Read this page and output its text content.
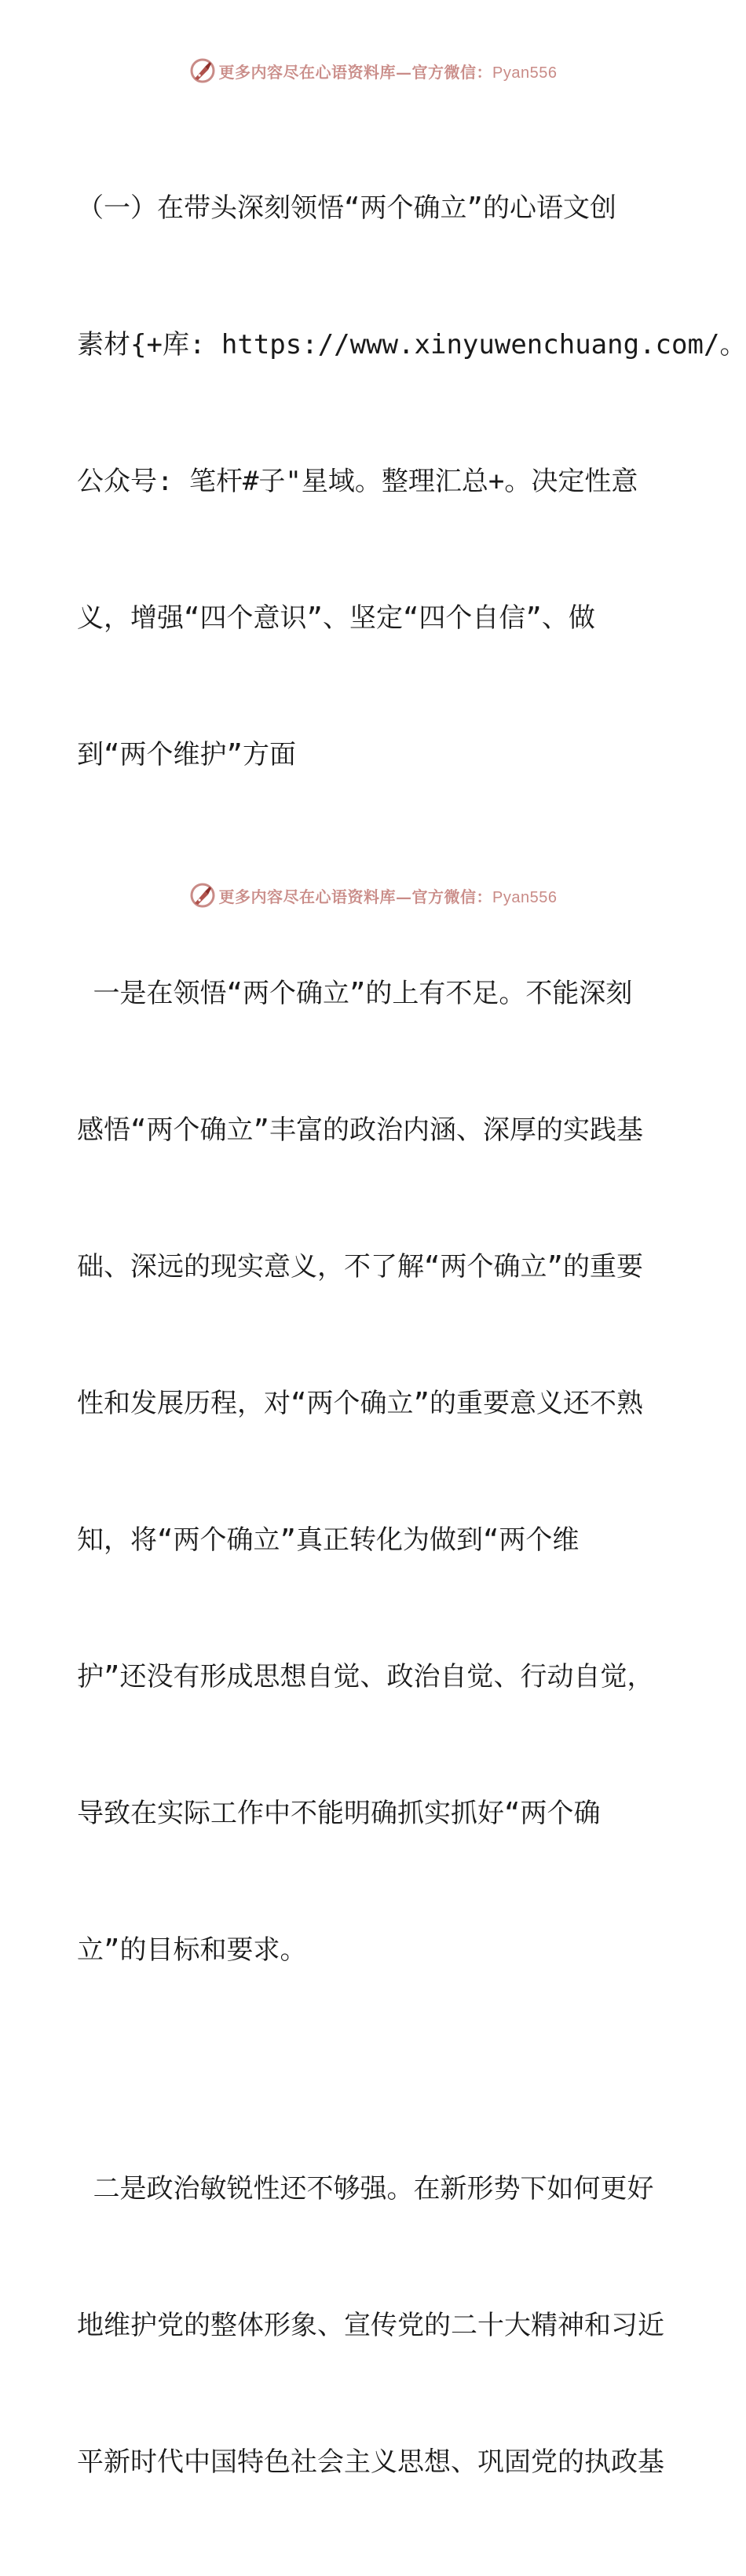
更多内容尽在心语资料库—官方微信：Pyan556

（一）在带头深刻领悟“两个确立”的心语文创

素材{+库: https://www.xinyuwenchuang.com/。

公众号: 笔杆#子"星域。整理汇总+。决定性意

义，增强“四个意识”、坚定“四个自信”、做

到“两个维护”方面

一是在领悟“两个确立”的上有不足。不能深刻

感悟“两个确立”丰富的政治内涵、深厚的实践基

础、深远的现实意义，不了解“两个确立”的重要

性和发展历程，对“两个确立”的重要意义还不熟

知，将“两个确立”真正转化为做到“两个维

护”还没有形成思想自觉、政治自觉、行动自觉，

导致在实际工作中不能明确抓实抓好“两个确

立”的目标和要求。

二是政治敏锐性还不够强。在新形势下如何更好

地维护党的整体形象、宣传党的二十大精神和习近

平新时代中国特色社会主义思想、巩固党的执政基

更多内容尽在心语资料库—官方微信：Pyan556
